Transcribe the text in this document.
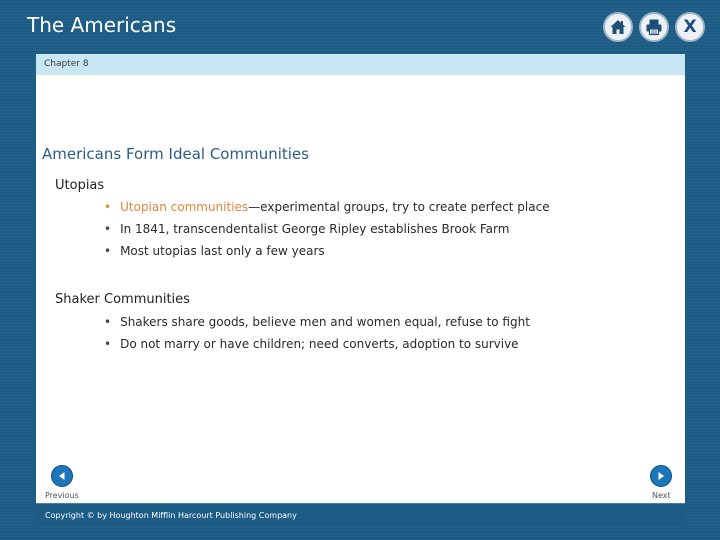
The Americans	X
Chapter 8
Americans Form Ideal Communities
Utopias
• Utopian communities—experimental groups, try to create perfect place
• In 1841, transcendentalist George Ripley establishes Brook Farm
• Most utopias last only a few years
Shaker Communities
• Shakers share goods, believe men and women equal, refuse to fight
• Do not marry or have children; need converts, adoption to survive
Previous	Next
Copyright © by Houghton Mifflin Harcourt Publishing Company
